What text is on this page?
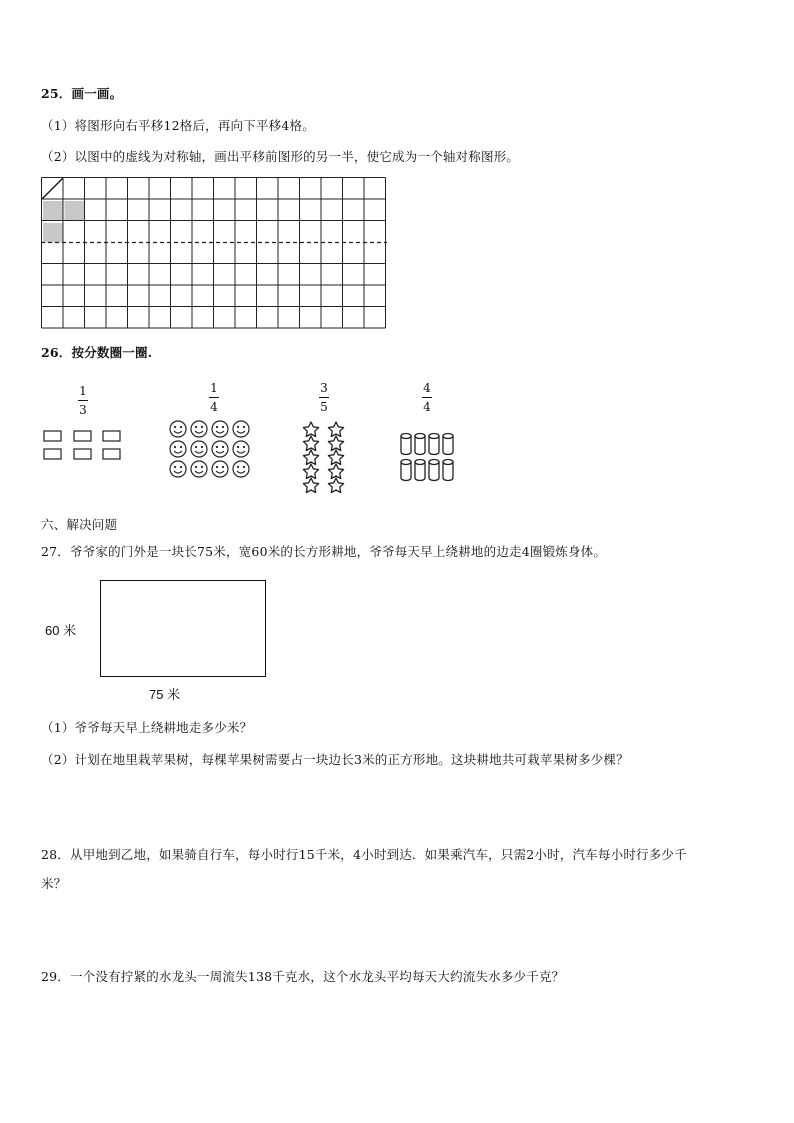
25．画一画。
（1）将图形向右平移12格后，再向下平移4格。
（2）以图中的虚线为对称轴，画出平移前图形的另一半，使它成为一个轴对称图形。
26．按分数圈一圈.
1
3
1
4
3
5
4
4
六、解决问题
27．爷爷家的门外是一块长75米，宽60米的长方形耕地，爷爷每天早上绕耕地的边走4圈锻炼身体。
60 米
75 米
（1）爷爷每天早上绕耕地走多少米？
（2）计划在地里栽苹果树，每棵苹果树需要占一块边长3米的正方形地。这块耕地共可栽苹果树多少棵？
28．从甲地到乙地，如果骑自行车，每小时行15千米，4小时到达．如果乘汽车，只需2小时，汽车每小时行多少千
米？
29．一个没有拧紧的水龙头一周流失138千克水，这个水龙头平均每天大约流失水多少千克？
